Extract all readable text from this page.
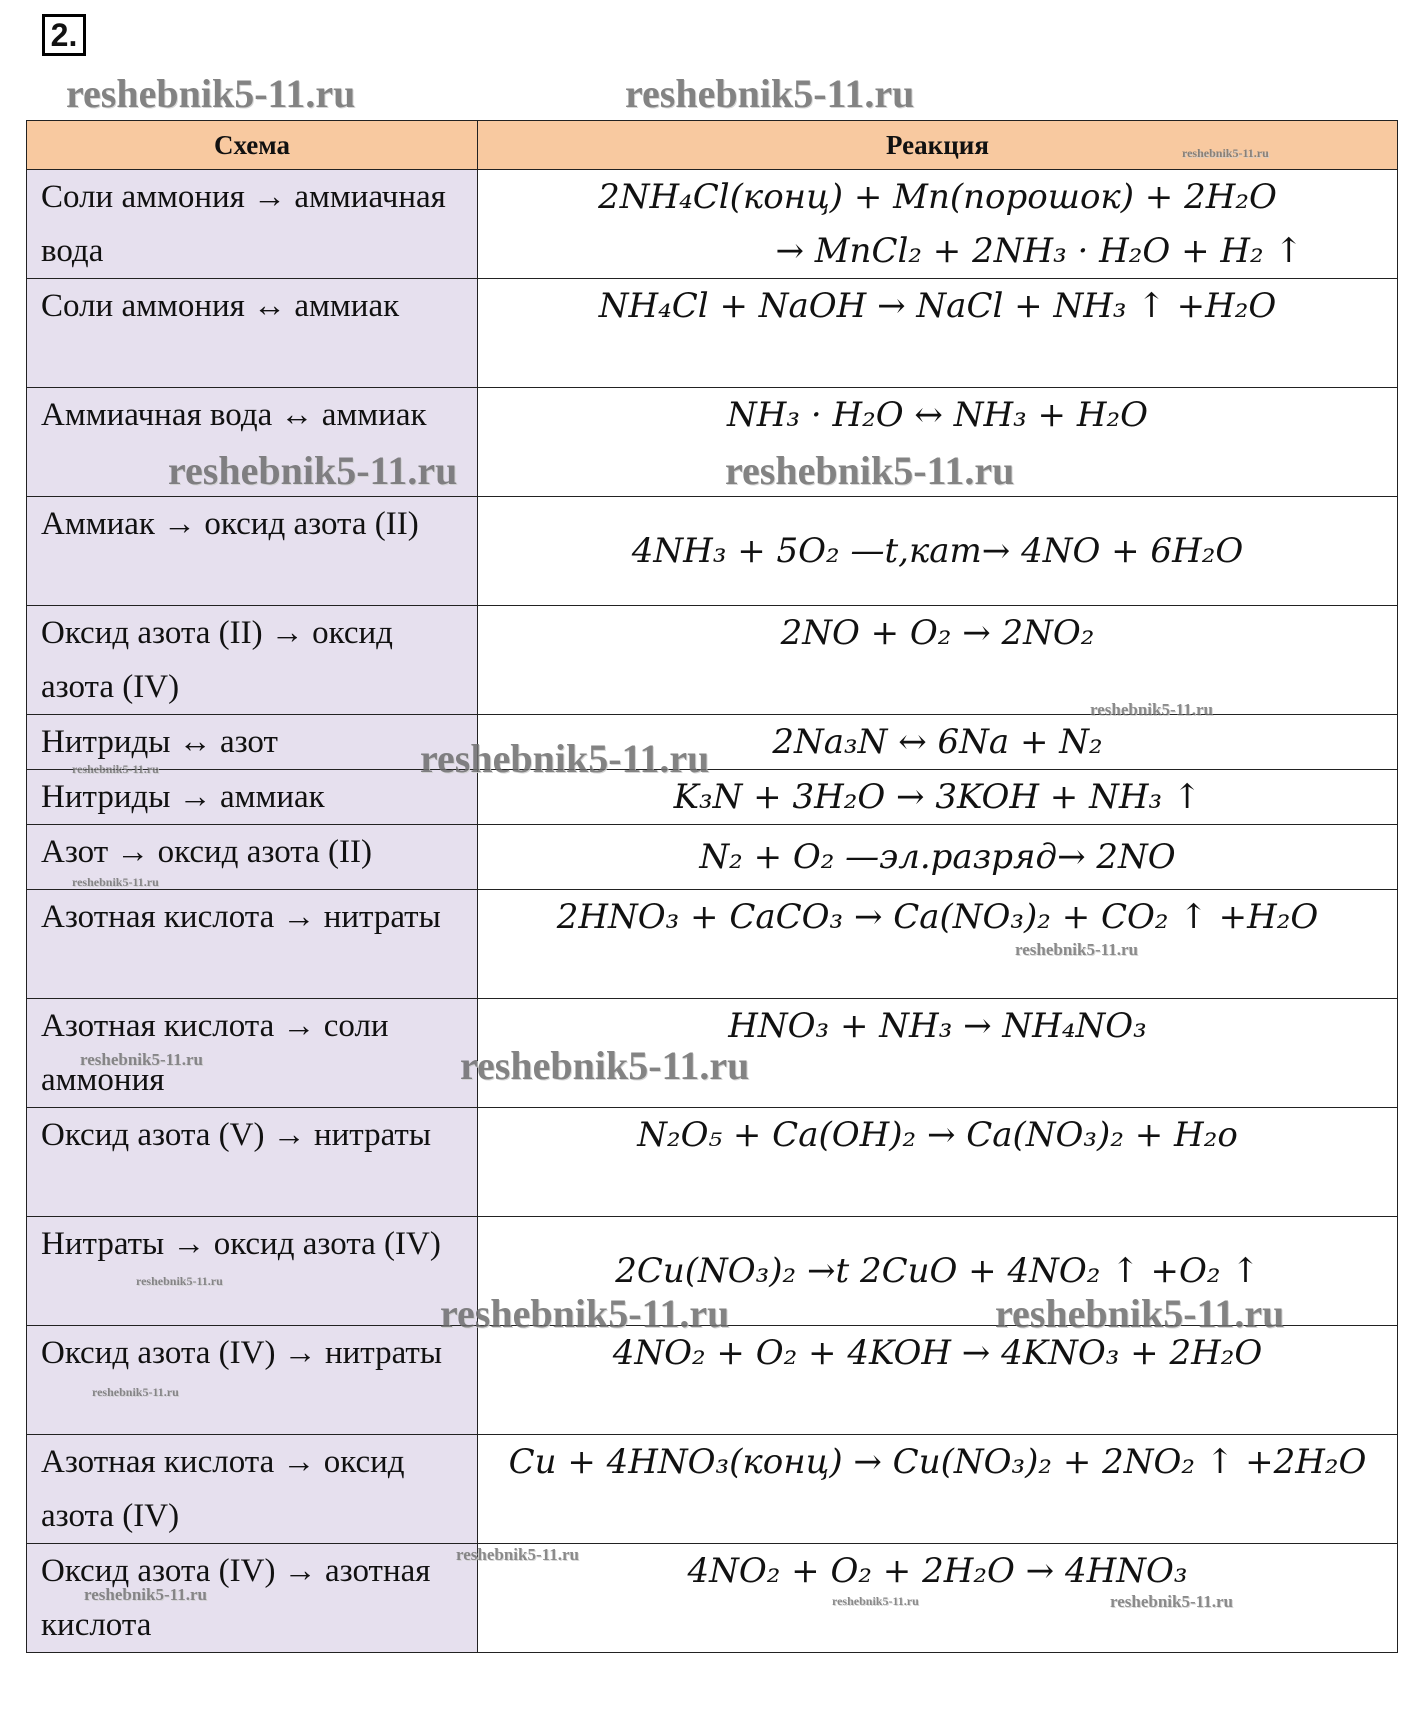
2.
Схема	Реакция
Соли аммония → аммиачная вода	2NH₄Cl(конц) + Mn(порошок) + 2H₂O
→ MnCl₂ + 2NH₃ · H₂O + H₂ ↑

Соли аммония ↔ аммиак	NH₄Cl + NaOH → NaCl + NH₃ ↑ +H₂O

Аммиачная вода ↔ аммиак	NH₃ · H₂O ↔ NH₃ + H₂O

Аммиак → оксид азота (II)	4NH₃ + 5O₂ —t,кат→ 4NO + 6H₂O

Оксид азота (II) → оксид азота (IV)	2NO + O₂ → 2NO₂

Нитриды ↔ азот	2Na₃N ↔ 6Na + N₂

Нитриды → аммиак	K₃N + 3H₂O → 3KOH + NH₃ ↑

Азот → оксид азота (II)	N₂ + O₂ —эл.разряд→ 2NO

Азотная кислота → нитраты	2HNO₃ + CaCO₃ → Ca(NO₃)₂ + CO₂ ↑ +H₂O

Азотная кислота → соли аммония	HNO₃ + NH₃ → NH₄NO₃

Оксид азота (V) → нитраты	N₂O₅ + Ca(OH)₂ → Ca(NO₃)₂ + H₂o

Нитраты → оксид азота (IV)	2Cu(NO₃)₂ →t 2CuO + 4NO₂ ↑ +O₂ ↑

Оксид азота (IV) → нитраты	4NO₂ + O₂ + 4KOH → 4KNO₃ + 2H₂O

Азотная кислота → оксид азота (IV)	Cu + 4HNO₃(конц) → Cu(NO₃)₂ + 2NO₂ ↑ +2H₂O

Оксид азота (IV) → азотная кислота	4NO₂ + O₂ + 2H₂O → 4HNO₃
reshebnik5-11.ru	reshebnik5-11.ru
reshebnik5-11.ru
reshebnik5-11.ru	reshebnik5-11.ru
reshebnik5-11.ru
reshebnik5-11.ru
reshebnik5-11.ru
reshebnik5-11.ru
reshebnik5-11.ru
reshebnik5-11.ru	reshebnik5-11.ru
reshebnik5-11.ru
reshebnik5-11.ru	reshebnik5-11.ru
reshebnik5-11.ru
reshebnik5-11.ru
reshebnik5-11.ru	reshebnik5-11.ru	reshebnik5-11.ru
